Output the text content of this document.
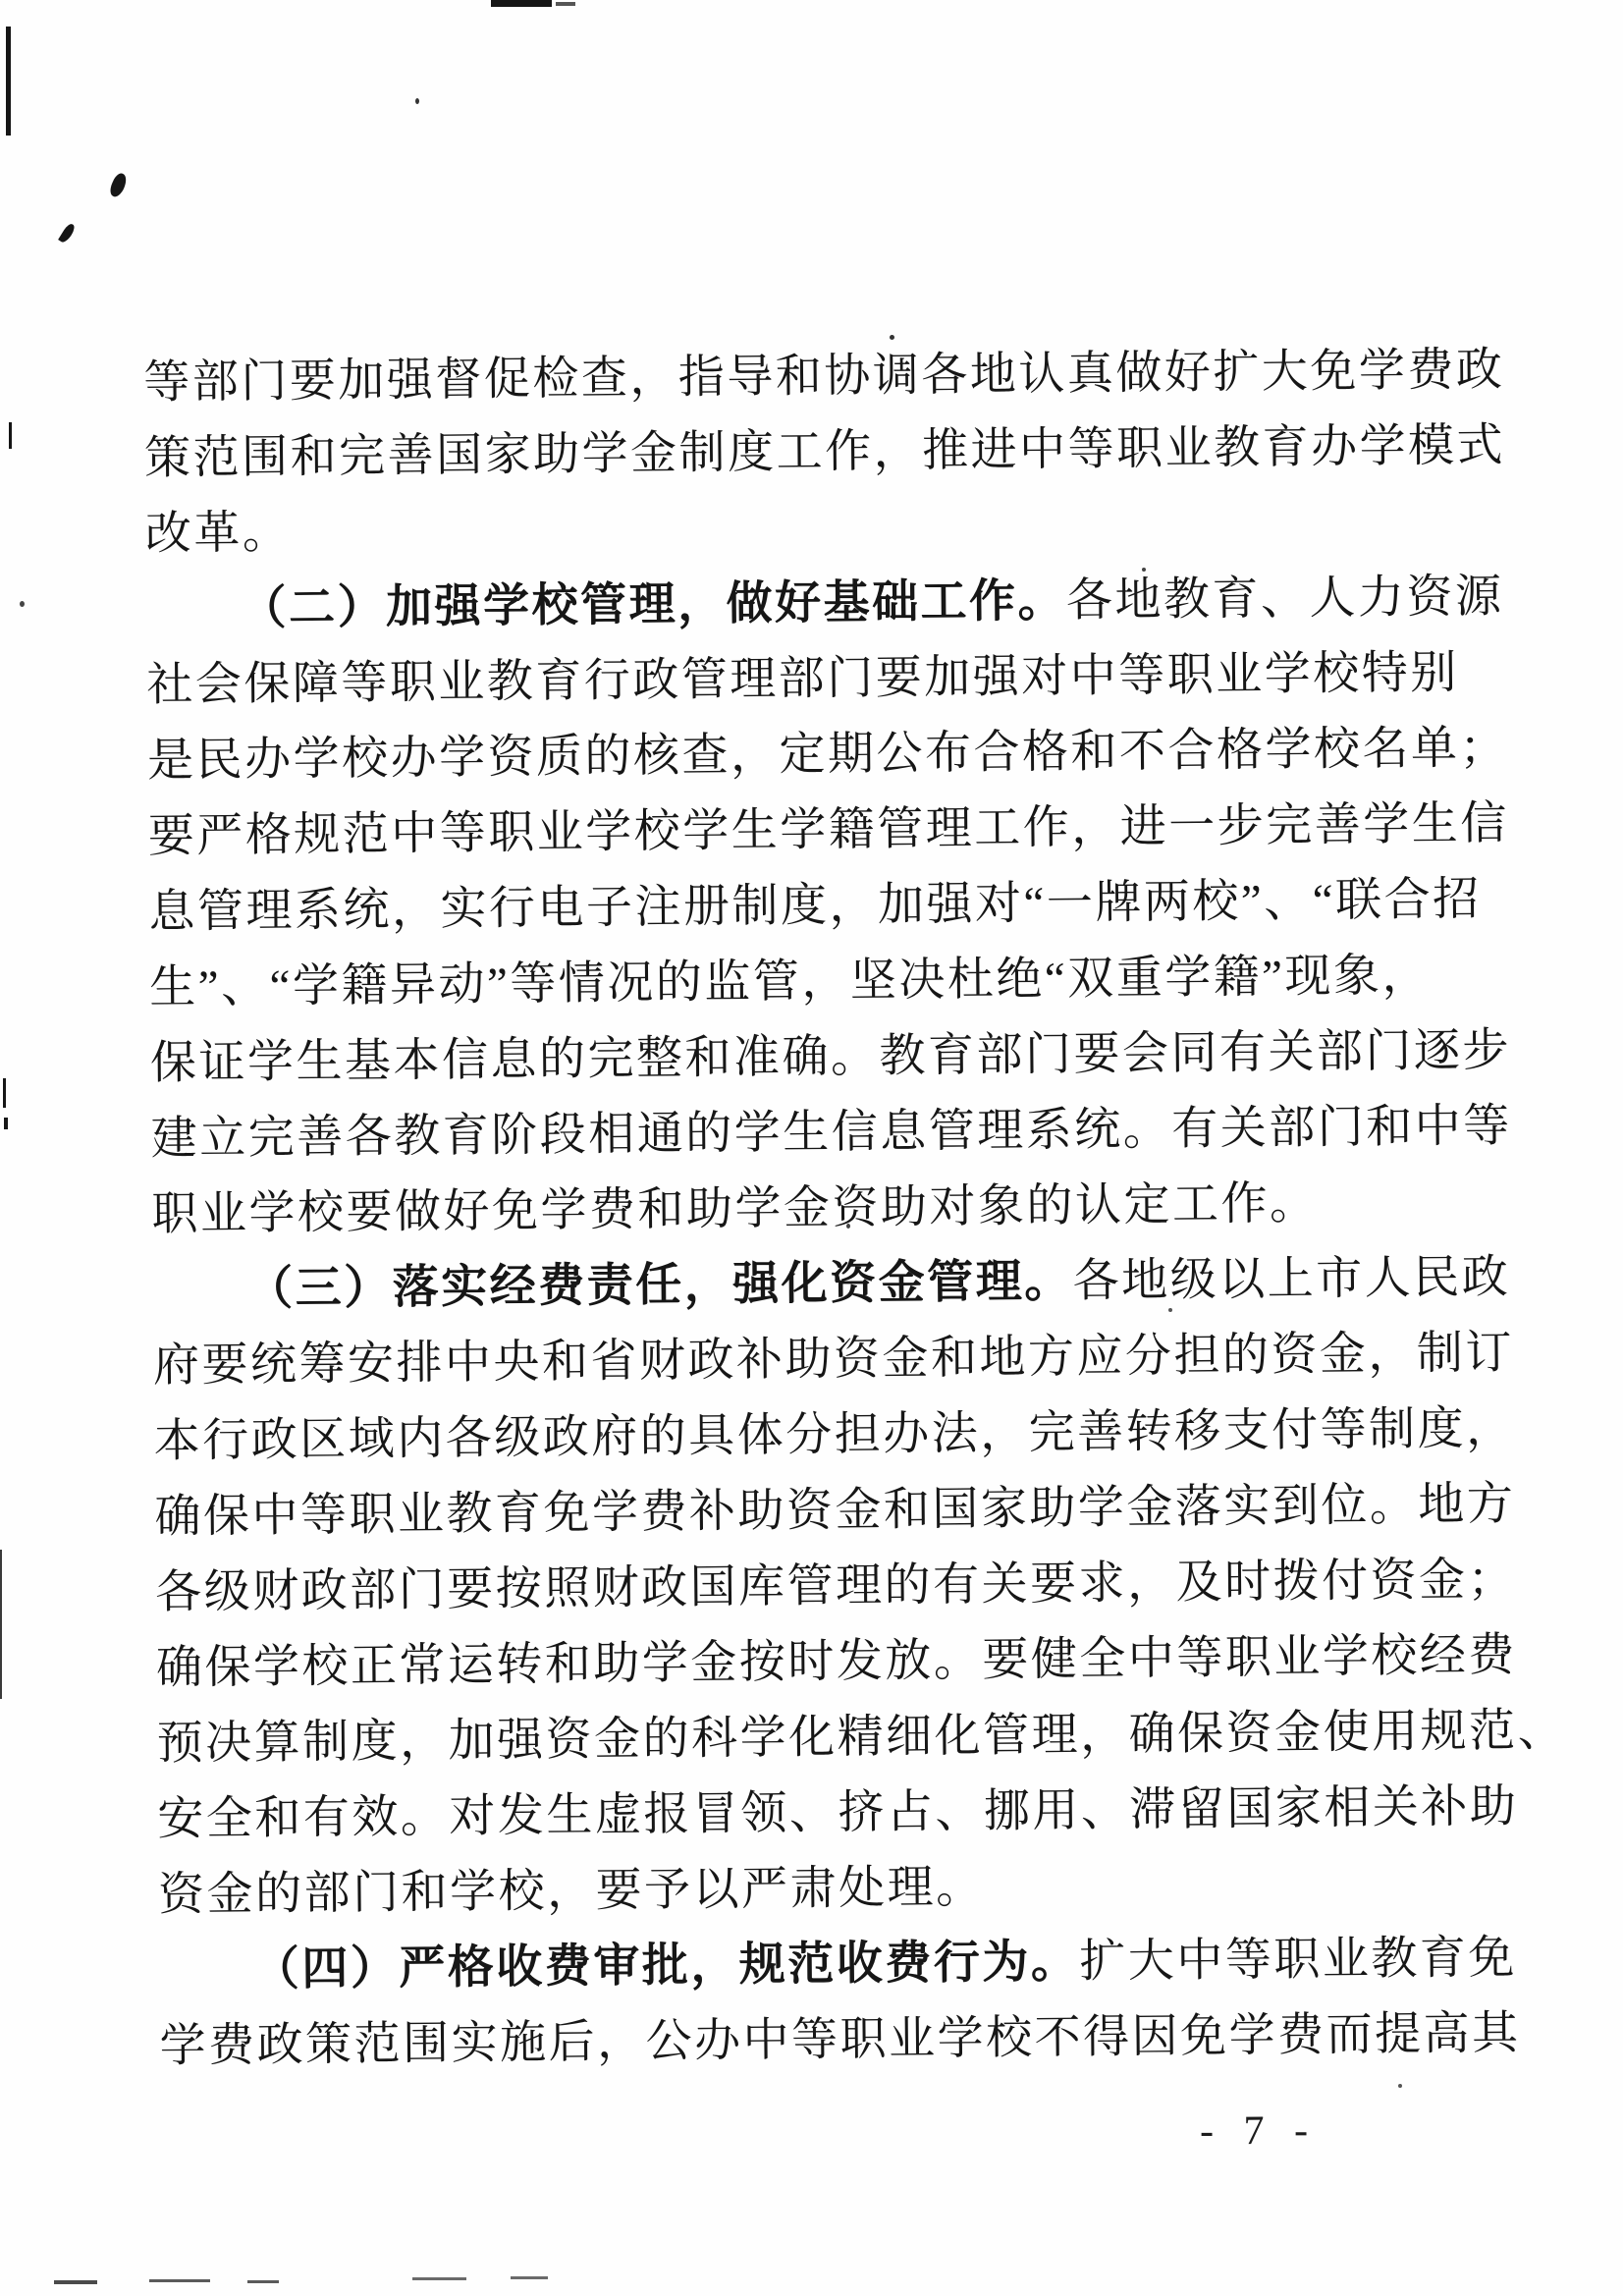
等部门要加强督促检查，指导和协调各地认真做好扩大免学费政
策范围和完善国家助学金制度工作，推进中等职业教育办学模式
改革。
（二）加强学校管理，做好基础工作。各地教育、人力资源
社会保障等职业教育行政管理部门要加强对中等职业学校特别
是民办学校办学资质的核查，定期公布合格和不合格学校名单；
要严格规范中等职业学校学生学籍管理工作，进一步完善学生信
息管理系统，实行电子注册制度，加强对“一牌两校”、“联合招
生”、“学籍异动”等情况的监管，坚决杜绝“双重学籍”现象，
保证学生基本信息的完整和准确。教育部门要会同有关部门逐步
建立完善各教育阶段相通的学生信息管理系统。有关部门和中等
职业学校要做好免学费和助学金资助对象的认定工作。
（三）落实经费责任，强化资金管理。各地级以上市人民政
府要统筹安排中央和省财政补助资金和地方应分担的资金，制订
本行政区域内各级政府的具体分担办法，完善转移支付等制度，
确保中等职业教育免学费补助资金和国家助学金落实到位。地方
各级财政部门要按照财政国库管理的有关要求，及时拨付资金；
确保学校正常运转和助学金按时发放。要健全中等职业学校经费
预决算制度，加强资金的科学化精细化管理，确保资金使用规范、
安全和有效。对发生虚报冒领、挤占、挪用、滞留国家相关补助
资金的部门和学校，要予以严肃处理。
（四）严格收费审批，规范收费行为。扩大中等职业教育免
学费政策范围实施后，公办中等职业学校不得因免学费而提高其
- 7 -
